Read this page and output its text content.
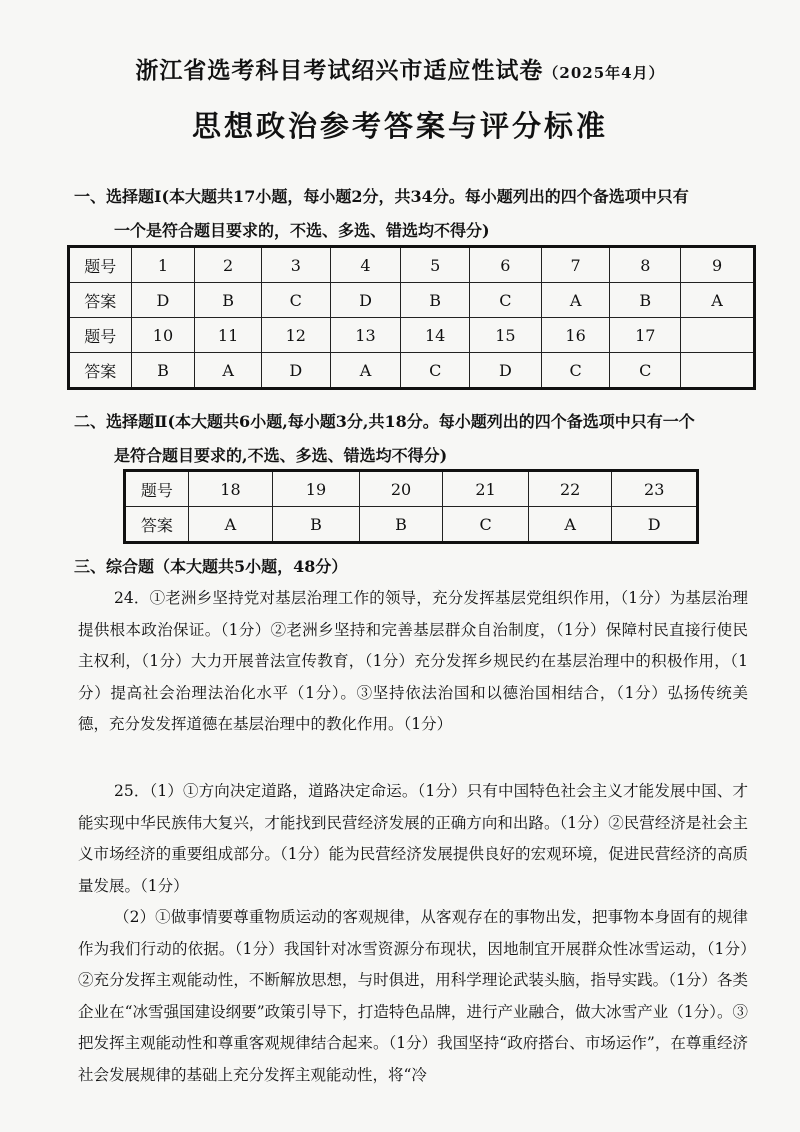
浙江省选考科目考试绍兴市适应性试卷（2025年4月）
思想政治参考答案与评分标准
一、选择题Ⅰ(本大题共17小题，每小题2分，共34分。每小题列出的四个备选项中只有
一个是符合题目要求的，不选、多选、错选均不得分)
题号	1	2	3	4	5	6	7	8	9
答案	D	B	C	D	B	C	A	B	A
题号	10	11	12	13	14	15	16	17	
答案	B	A	D	A	C	D	C	C	
二、选择题Ⅱ(本大题共6小题,每小题3分,共18分。每小题列出的四个备选项中只有一个
是符合题目要求的,不选、多选、错选均不得分)
题号	18	19	20	21	22	23
答案	A	B	B	C	A	D
三、综合题（本大题共5小题，48分）

24．①老洲乡坚持党对基层治理工作的领导，充分发挥基层党组织作用，（1分）为基层治理提供根本政治保证。（1分）②老洲乡坚持和完善基层群众自治制度，（1分）保障村民直接行使民主权利，（1分）大力开展普法宣传教育，（1分）充分发挥乡规民约在基层治理中的积极作用，（1分）提高社会治理法治化水平（1分）。③坚持依法治国和以德治国相结合，（1分）弘扬传统美德，充分发发挥道德在基层治理中的教化作用。（1分）

25．（1）①方向决定道路，道路决定命运。（1分）只有中国特色社会主义才能发展中国、才能实现中华民族伟大复兴，才能找到民营经济发展的正确方向和出路。（1分）②民营经济是社会主义市场经济的重要组成部分。（1分）能为民营经济发展提供良好的宏观环境，促进民营经济的高质量发展。（1分）

（2）①做事情要尊重物质运动的客观规律，从客观存在的事物出发，把事物本身固有的规律作为我们行动的依据。（1分）我国针对冰雪资源分布现状，因地制宜开展群众性冰雪运动，（1分）②充分发挥主观能动性，不断解放思想，与时俱进，用科学理论武装头脑，指导实践。（1分）各类企业在“冰雪强国建设纲要”政策引导下，打造特色品牌，进行产业融合，做大冰雪产业（1分）。③把发挥主观能动性和尊重客观规律结合起来。（1分）我国坚持“政府搭台、市场运作”，在尊重经济社会发展规律的基础上充分发挥主观能动性，将“冷
